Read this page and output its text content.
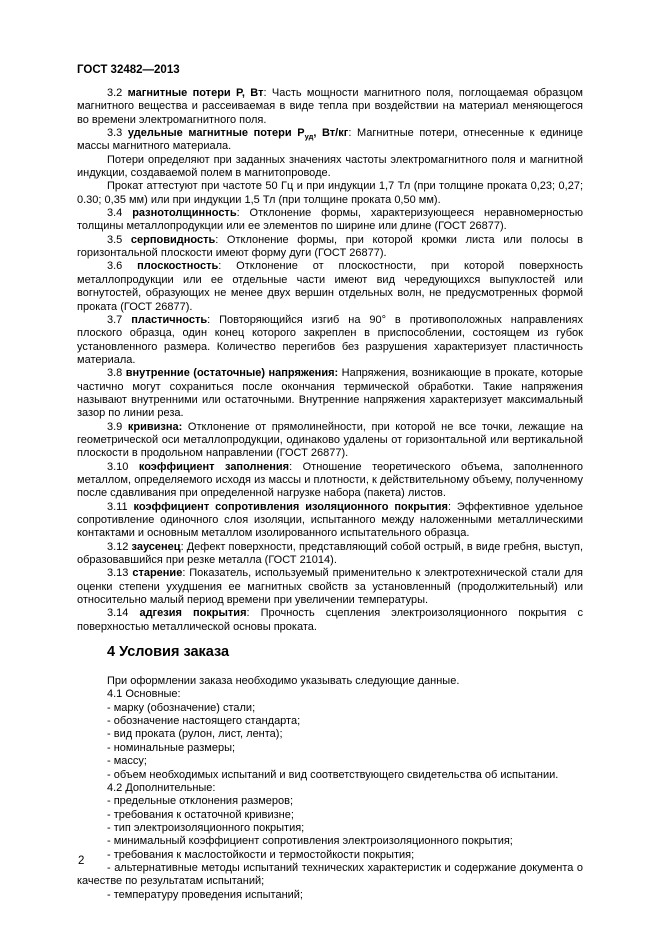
ГОСТ 32482—2013

3.2 магнитные потери P, Вт: Часть мощности магнитного поля, поглощаемая образцом магнитного вещества и рассеиваемая в виде тепла при воздействии на материал меняющегося во времени электромагнитного поля.

3.3 удельные магнитные потери $P_{уд}$, Вт/кг: Магнитные потери, отнесенные к единице массы магнитного материала.

Потери определяют при заданных значениях частоты электромагнитного поля и магнитной индукции, создаваемой полем в магнитопроводе.

Прокат аттестуют при частоте 50 Гц и при индукции 1,7 Тл (при толщине проката 0,23; 0,27; 0.30; 0,35 мм) или при индукции 1,5 Тл (при толщине проката 0,50 мм).

3.4 разнотолщинность: Отклонение формы, характеризующееся неравномерностью толщины металлопродукции или ее элементов по ширине или длине (ГОСТ 26877).

3.5 серповидность: Отклонение формы, при которой кромки листа или полосы в горизонтальной плоскости имеют форму дуги (ГОСТ 26877).

3.6 плоскостность: Отклонение от плоскостности, при которой поверхность металлопродукции или ее отдельные части имеют вид чередующихся выпуклостей или вогнутостей, образующих не менее двух вершин отдельных волн, не предусмотренных формой проката (ГОСТ 26877).

3.7 пластичность: Повторяющийся изгиб на 90° в противоположных направлениях плоского образца, один конец которого закреплен в приспособлении, состоящем из губок установленного размера. Количество перегибов без разрушения характеризует пластичность материала.

3.8 внутренние (остаточные) напряжения: Напряжения, возникающие в прокате, которые частично могут сохраниться после окончания термической обработки. Такие напряжения называют внутренними или остаточными. Внутренние напряжения характеризует максимальный зазор по линии реза.

3.9 кривизна: Отклонение от прямолинейности, при которой не все точки, лежащие на геометрической оси металлопродукции, одинаково удалены от горизонтальной или вертикальной плоскости в продольном направлении (ГОСТ 26877).

3.10 коэффициент заполнения: Отношение теоретического объема, заполненного металлом, определяемого исходя из массы и плотности, к действительному объему, полученному после сдавливания при определенной нагрузке набора (пакета) листов.

3.11 коэффициент сопротивления изоляционного покрытия: Эффективное удельное сопротивление одиночного слоя изоляции, испытанного между наложенными металлическими контактами и основным металлом изолированного испытательного образца.

3.12 заусенец: Дефект поверхности, представляющий собой острый, в виде гребня, выступ, образовавшийся при резке металла (ГОСТ 21014).

3.13 старение: Показатель, используемый применительно к электротехнической стали для оценки степени ухудшения ее магнитных свойств за установленный (продолжительный) или относительно малый период времени при увеличении температуры.

3.14 адгезия покрытия: Прочность сцепления электроизоляционного покрытия с поверхностью металлической основы проката.

4 Условия заказа

При оформлении заказа необходимо указывать следующие данные.

4.1 Основные:

- марку (обозначение) стали;

- обозначение настоящего стандарта;

- вид проката (рулон, лист, лента);

- номинальные размеры;

- массу;

- объем необходимых испытаний и вид соответствующего свидетельства об испытании.

4.2 Дополнительные:

- предельные отклонения размеров;

- требования к остаточной кривизне;

- тип электроизоляционного покрытия;

- минимальный коэффициент сопротивления электроизоляционного покрытия;

- требования к маслостойкости и термостойкости покрытия;

- альтернативные методы испытаний технических характеристик и содержание документа о качестве по результатам испытаний;

- температуру проведения испытаний;

2
